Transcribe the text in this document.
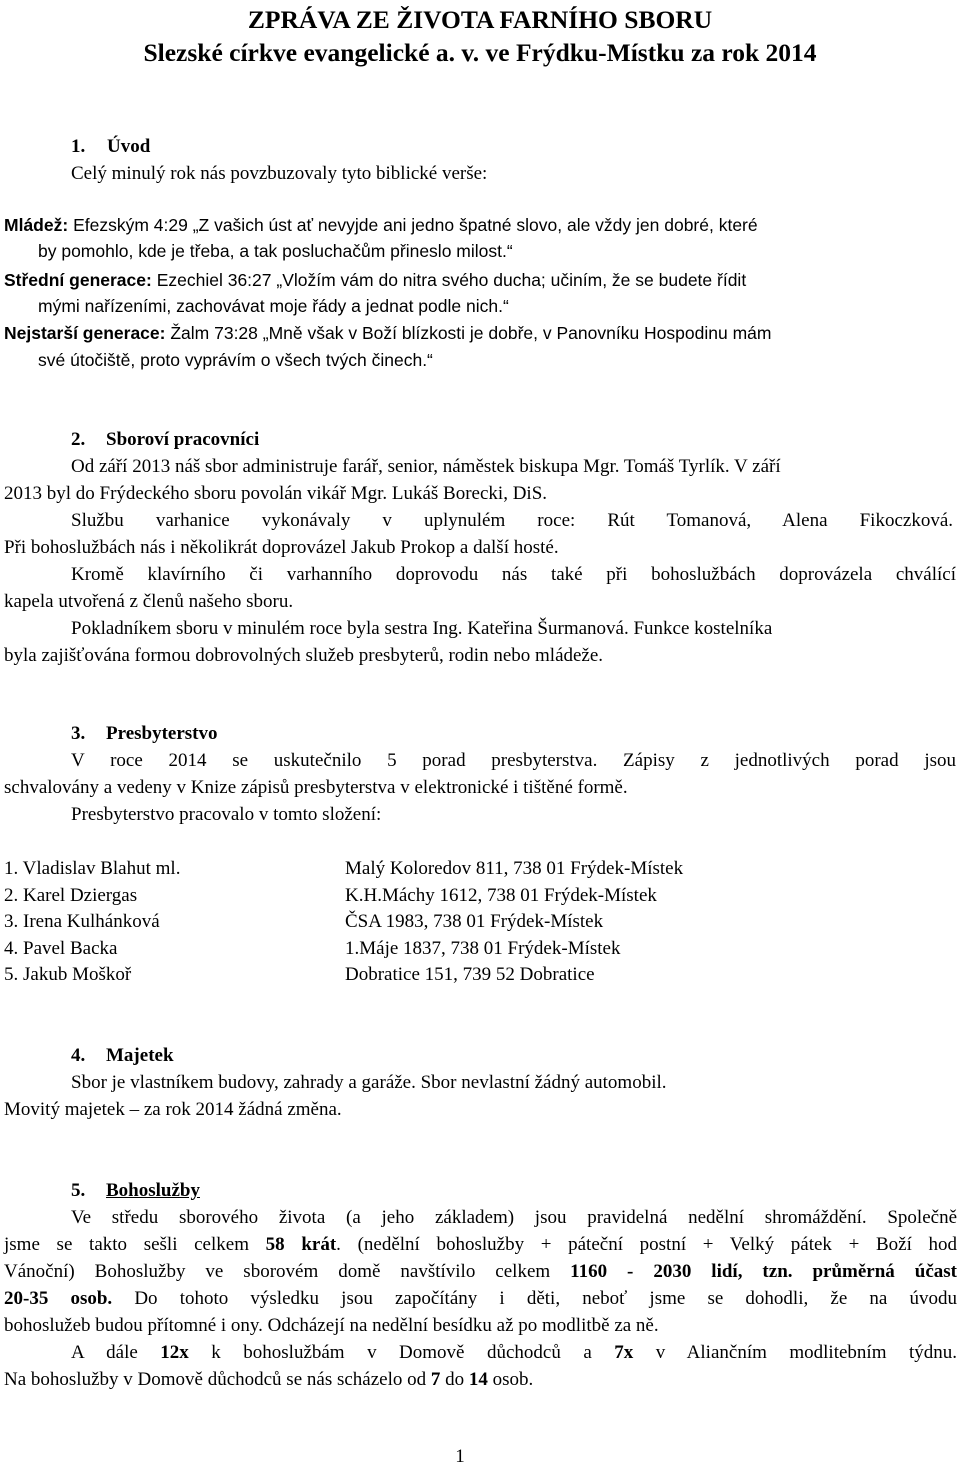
ZPRÁVA ZE ŽIVOTA FARNÍHO SBORU
Slezské církve evangelické a. v. ve Frýdku-Místku za rok 2014
1. Úvod
Celý minulý rok nás povzbuzovaly tyto biblické verše:
Mládež: Efezským 4:29 „Z vašich úst ať nevyjde ani jedno špatné slovo, ale vždy jen dobré, které
by pomohlo, kde je třeba, a tak posluchačům přineslo milost.“
Střední generace: Ezechiel 36:27 „Vložím vám do nitra svého ducha; učiním, že se budete řídit
mými nařízeními, zachovávat moje řády a jednat podle nich.“
Nejstarší generace: Žalm 73:28 „Mně však v Boží blízkosti je dobře, v Panovníku Hospodinu mám
své útočiště, proto vyprávím o všech tvých činech.“
2. Sboroví pracovníci
Od září 2013 náš sbor administruje farář, senior, náměstek biskupa Mgr. Tomáš Tyrlík. V září
2013 byl do Frýdeckého sboru povolán vikář Mgr. Lukáš Borecki, DiS.
Službu varhanice vykonávaly v uplynulém roce: Rút Tomanová, Alena Fikoczková.
Při bohoslužbách nás i několikrát doprovázel Jakub Prokop a další hosté.
Kromě klavírního či varhanního doprovodu nás také při bohoslužbách doprovázela chválící
kapela utvořená z členů našeho sboru.
Pokladníkem sboru v minulém roce byla sestra Ing. Kateřina Šurmanová. Funkce kostelníka
byla zajišťována formou dobrovolných služeb presbyterů, rodin nebo mládeže.
3. Presbyterstvo
V roce 2014 se uskutečnilo 5 porad presbyterstva. Zápisy z jednotlivých porad jsou
schvalovány a vedeny v Knize zápisů presbyterstva v elektronické i tištěné formě.
Presbyterstvo pracovalo v tomto složení:
1. Vladislav Blahut ml.	Malý Koloredov 811, 738 01 Frýdek-Místek
2. Karel Dziergas	K.H.Máchy 1612, 738 01 Frýdek-Místek
3. Irena Kulhánková	ČSA 1983, 738 01 Frýdek-Místek
4. Pavel Backa	1.Máje 1837, 738 01 Frýdek-Místek
5. Jakub Moškoř	Dobratice 151, 739 52 Dobratice
4. Majetek
Sbor je vlastníkem budovy, zahrady a garáže. Sbor nevlastní žádný automobil.
Movitý majetek – za rok 2014 žádná změna.
5. Bohoslužby
Ve středu sborového života (a jeho základem) jsou pravidelná nedělní shromáždění. Společně
jsme se takto sešli celkem 58 krát. (nedělní bohoslužby + páteční postní + Velký pátek + Boží hod
Vánoční) Bohoslužby ve sborovém domě navštívilo celkem 1160 - 2030 lidí, tzn. průměrná účast
20-35 osob. Do tohoto výsledku jsou započítány i děti, neboť jsme se dohodli, že na úvodu
bohoslužeb budou přítomné i ony. Odcházejí na nedělní besídku až po modlitbě za ně.
A dále 12x k bohoslužbám v Domově důchodců a 7x v Aliančním modlitebním týdnu.
Na bohoslužby v Domově důchodců se nás scházelo od 7 do 14 osob.
1
